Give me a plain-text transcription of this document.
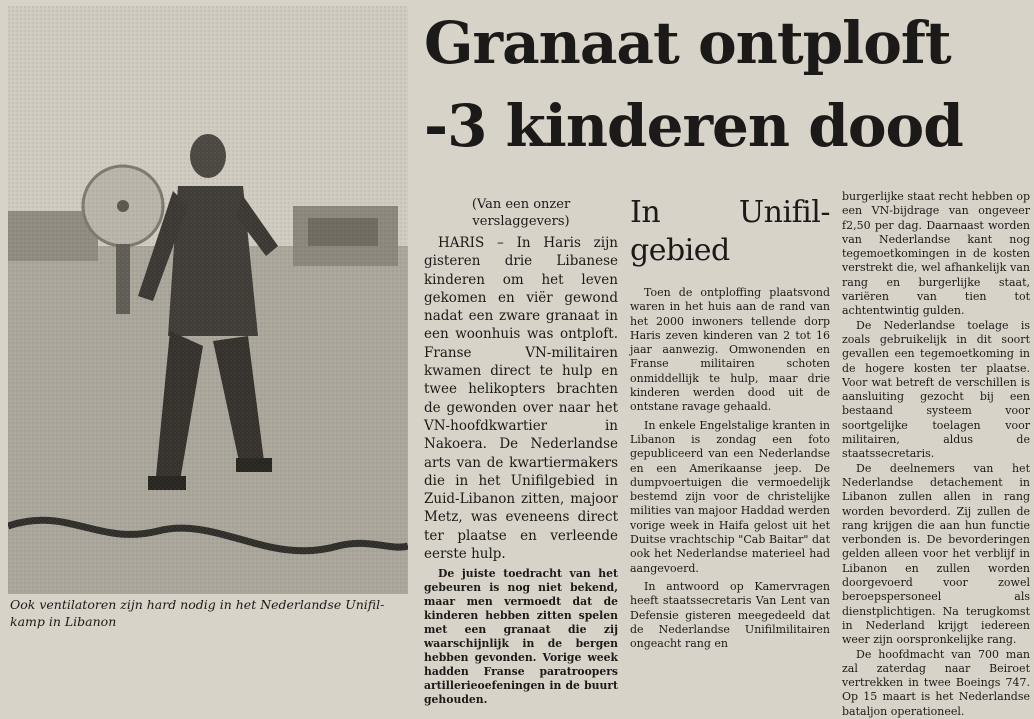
Ook ventilatoren zijn hard nodig in het Nederlandse Unifil-kamp in Libanon

Granaat ontploft
-3 kinderen dood

(Van een onzer verslaggevers)

HARIS – In Haris zijn gisteren drie Libanese kinderen om het leven gekomen en viër gewond nadat een zware granaat in een woonhuis was ontploft. Franse VN-militairen kwamen direct te hulp en twee helikopters brachten de gewonden over naar het VN-hoofdkwartier in Nakoera. De Nederlandse arts van de kwartiermakers die in het Unifilgebied in Zuid-Libanon zitten, majoor Metz, was eveneens direct ter plaatse en verleende eerste hulp.

De juiste toedracht van het gebeuren is nog niet bekend, maar men vermoedt dat de kinderen hebben zitten spelen met een granaat die zij waarschijnlijk in de bergen hebben gevonden. Vorige week hadden Franse paratroopers artillerieoefeningen in de buurt gehouden.

In Unifil-gebied

Toen de ontploffing plaatsvond waren in het huis aan de rand van het 2000 inwoners tellende dorp Haris zeven kinderen van 2 tot 16 jaar aanwezig. Omwonenden en Franse militairen schoten onmiddellijk te hulp, maar drie kinderen werden dood uit de ontstane ravage gehaald.

In enkele Engelstalige kranten in Libanon is zondag een foto gepubliceerd van een Nederlandse en een Amerikaanse jeep. De dumpvoertuigen die vermoedelijk bestemd zijn voor de christelijke milities van majoor Haddad werden vorige week in Haifa gelost uit het Duitse vrachtschip "Cab Baitar" dat ook het Nederlandse materieel had aangevoerd.

In antwoord op Kamervragen heeft staatssecretaris Van Lent van Defensie gisteren meegedeeld dat de Nederlandse Unifilmilitairen ongeacht rang en

burgerlijke staat recht hebben op een VN-bijdrage van ongeveer f2,50 per dag. Daarnaast worden van Nederlandse kant nog tegemoetkomingen in de kosten verstrekt die, wel afhankelijk van rang en burgerlijke staat, variëren van tien tot achtentwintig gulden.

De Nederlandse toelage is zoals gebruikelijk in dit soort gevallen een tegemoetkoming in de hogere kosten ter plaatse. Voor wat betreft de verschillen is aansluiting gezocht bij een bestaand systeem voor soortgelijke toelagen voor militairen, aldus de staatssecretaris.

De deelnemers van het Nederlandse detachement in Libanon zullen allen in rang worden bevorderd. Zij zullen de rang krijgen die aan hun functie verbonden is. De bevorderingen gelden alleen voor het verblijf in Libanon en zullen worden doorgevoerd voor zowel beroepspersoneel als dienstplichtigen. Na terugkomst in Nederland krijgt iedereen weer zijn oorspronkelijke rang.

De hoofdmacht van 700 man zal zaterdag naar Beiroet vertrekken in twee Boeings 747. Op 15 maart is het Nederlandse bataljon operationeel.
